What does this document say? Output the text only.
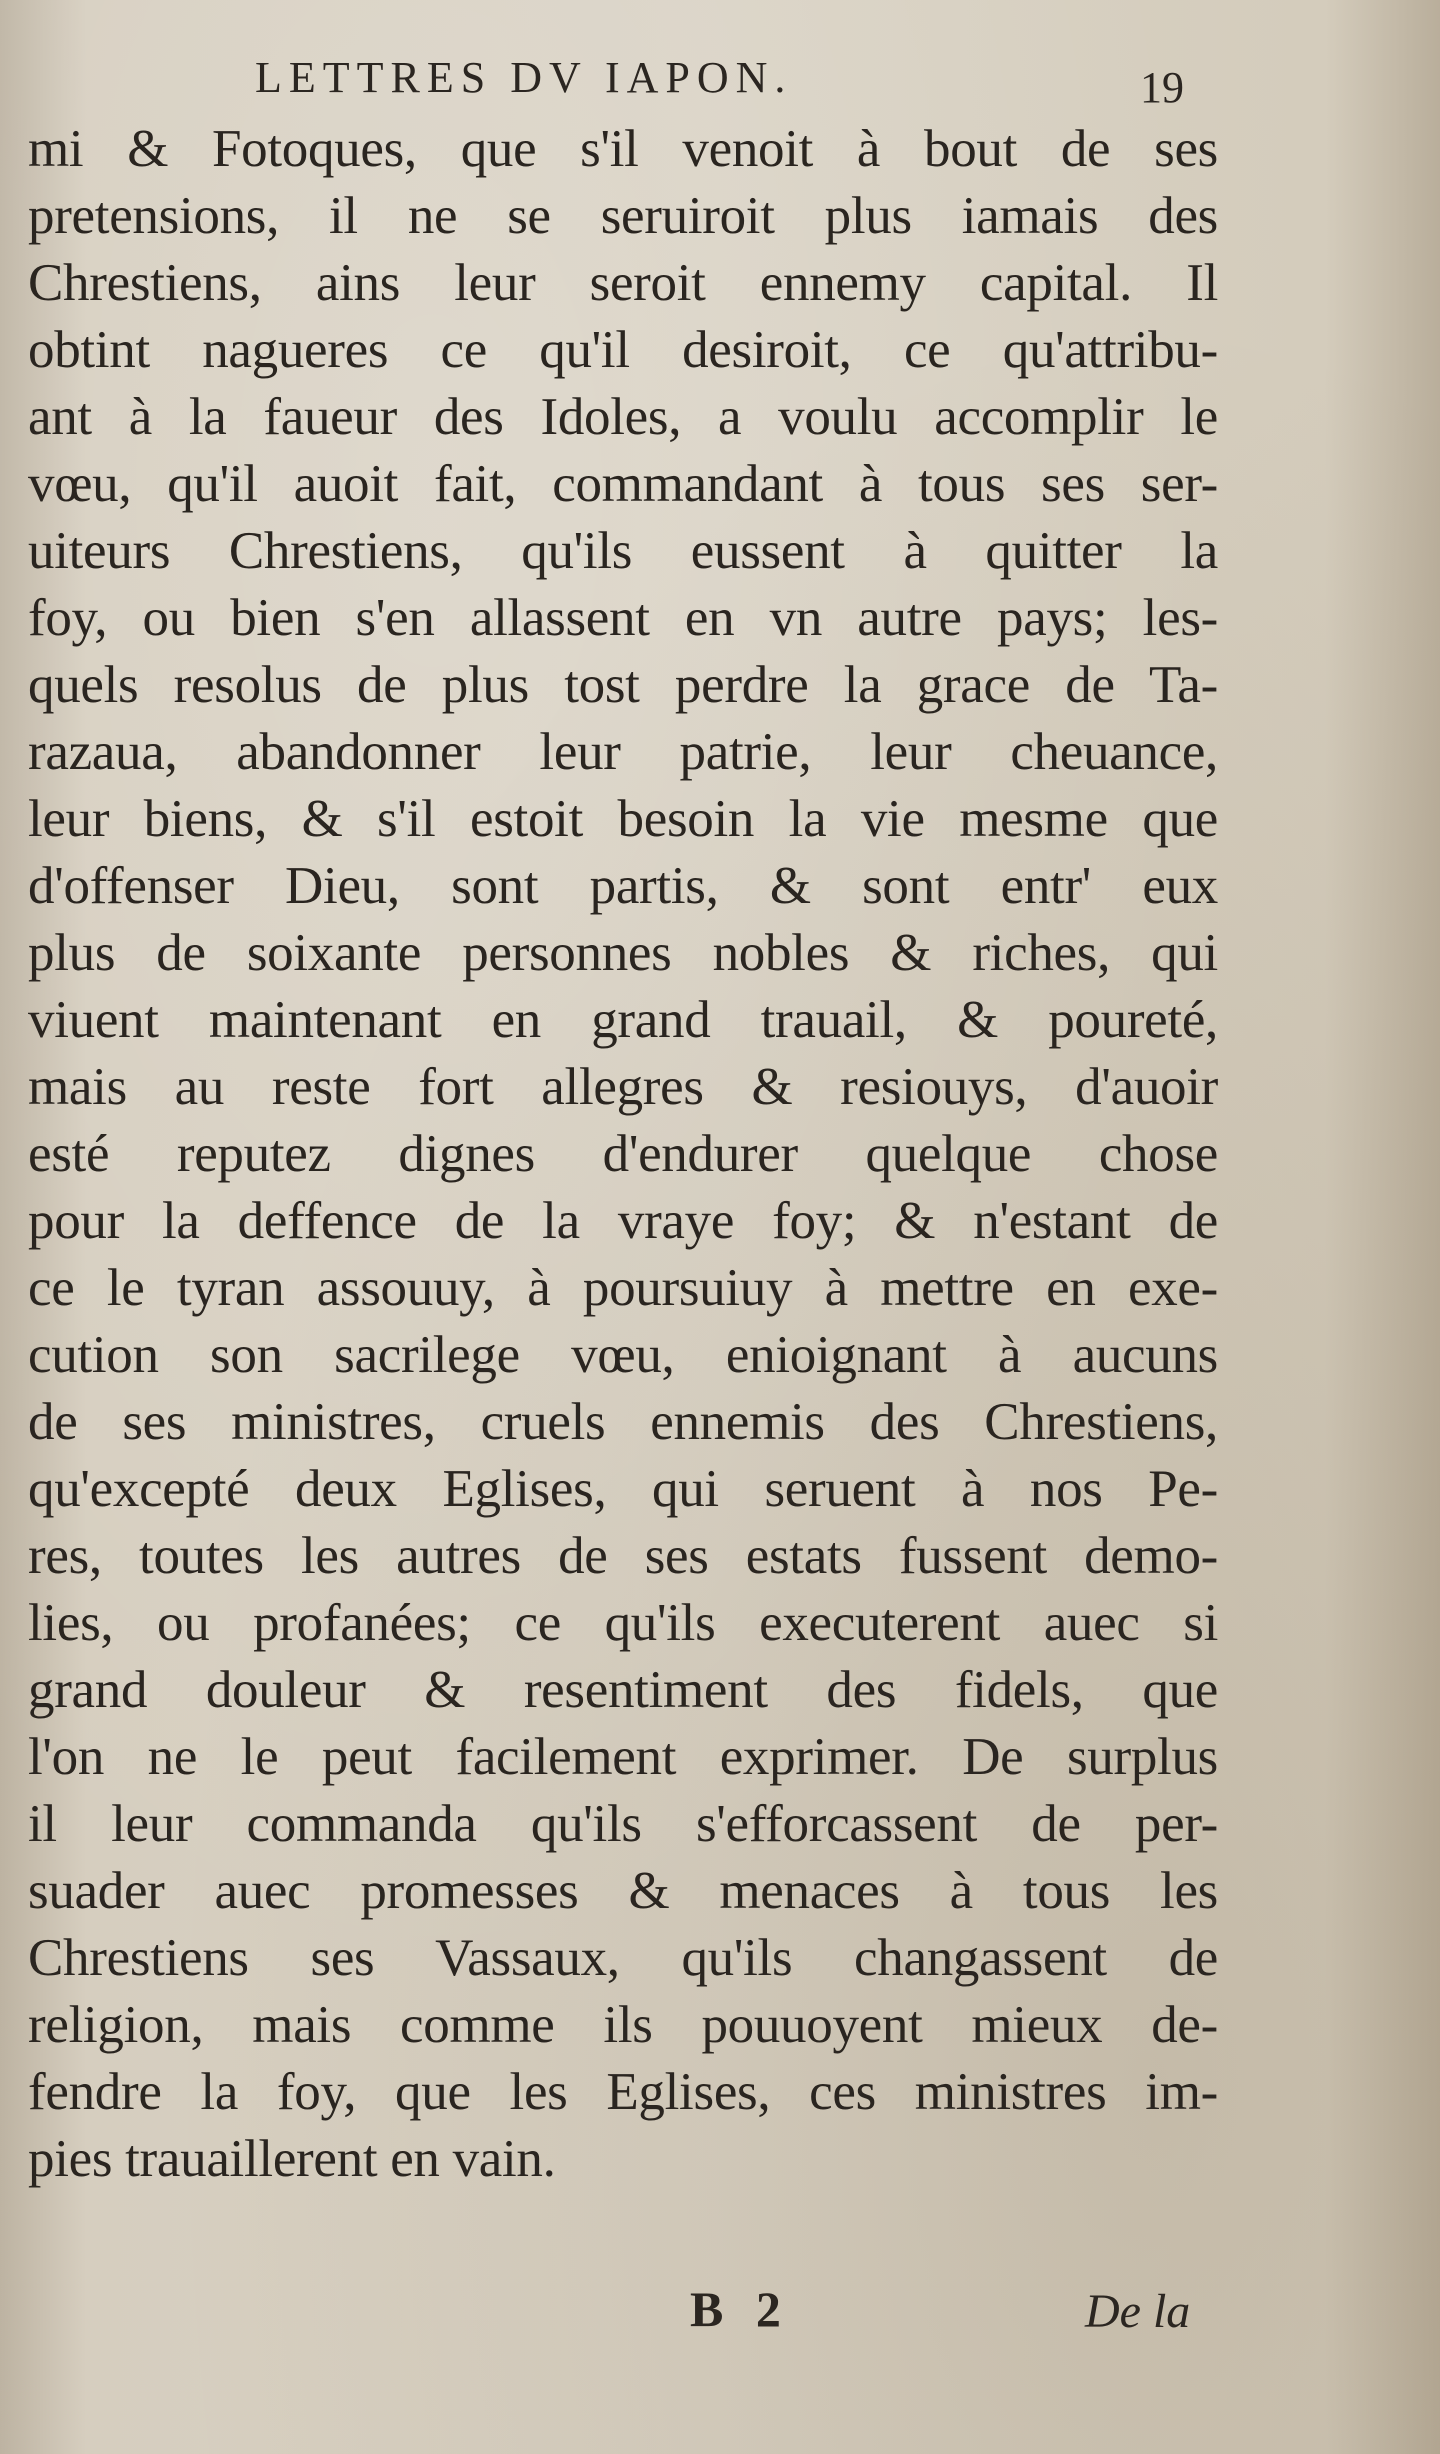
LETTRES DV IAPON.	19
mi & Fotoques, que s'il venoit à bout de ses
pretensions, il ne se seruiroit plus iamais des
Chrestiens, ains leur seroit ennemy capital. Il
obtint nagueres ce qu'il desiroit, ce qu'attribu-
ant à la faueur des Idoles, a voulu accomplir le
vœu, qu'il auoit fait, commandant à tous ses ser-
uiteurs Chrestiens, qu'ils eussent à quitter la
foy, ou bien s'en allassent en vn autre pays; les-
quels resolus de plus tost perdre la grace de Ta-
razaua, abandonner leur patrie, leur cheuance,
leur biens, & s'il estoit besoin la vie mesme que
d'offenser Dieu, sont partis, & sont entr' eux
plus de soixante personnes nobles & riches, qui
viuent maintenant en grand trauail, & poureté,
mais au reste fort allegres & resiouys, d'auoir
esté reputez dignes d'endurer quelque chose
pour la deffence de la vraye foy; & n'estant de
ce le tyran assouuy, à poursuiuy à mettre en exe-
cution son sacrilege vœu, enioignant à aucuns
de ses ministres, cruels ennemis des Chrestiens,
qu'excepté deux Eglises, qui seruent à nos Pe-
res, toutes les autres de ses estats fussent demo-
lies, ou profanées; ce qu'ils executerent auec si
grand douleur & resentiment des fidels, que
l'on ne le peut facilement exprimer. De surplus
il leur commanda qu'ils s'efforcassent de per-
suader auec promesses & menaces à tous les
Chrestiens ses Vassaux, qu'ils changassent de
religion, mais comme ils pouuoyent mieux de-
fendre la foy, que les Eglises, ces ministres im-
pies trauaillerent en vain.
B 2	De la
